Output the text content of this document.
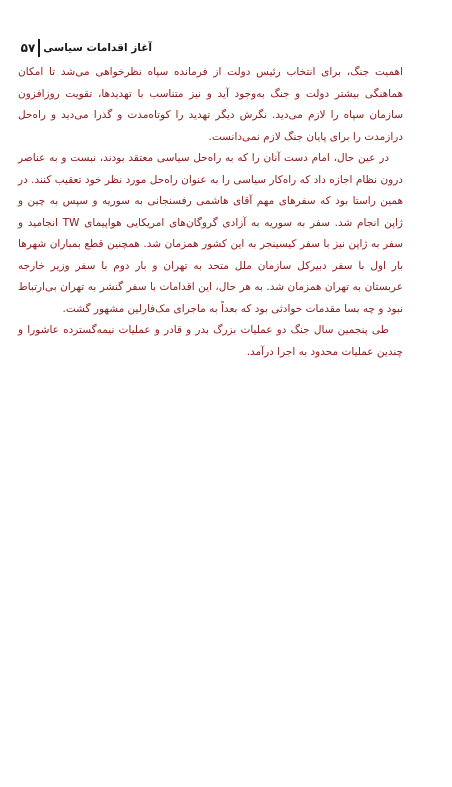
۵۷ آغاز اقدامات سیاسی

اهمیت جنگ، برای انتخاب رئیس دولت از فرمانده سپاه نظرخواهی می‌شد تا امکان هماهنگی بیشتر دولت و جنگ به‌وجود آید و نیز متناسب با تهدیدها، تقویت روزافزون سازمان سپاه را لازم می‌دید. نگرش دیگر تهدید را کوتاه‌مدت و گذرا می‌دید و راه‌حل درازمدت را برای پایان جنگ لازم نمی‌دانست.

در عین حال، امام دست آنان را که به راه‌حل سیاسی معتقد بودند، نبست و به عناصر درون نظام اجازه داد که راه‌کار سیاسی را به عنوان راه‌حل مورد نظر خود تعقیب کنند. در همین راستا بود که سفرهای مهم آقای هاشمی رفسنجانی به سوریه و سپس به چین و ژاپن انجام شد. سفر به سوریه به آزادی گروگان‌های امریکایی هواپیمای TW انجامید و سفر به ژاپن نیز با سفر کیسینجر به این کشور همزمان شد. همچنین قطع بمباران شهرها بار اول با سفر دبیرکل سازمان ملل متحد به تهران و بار دوم با سفر وزیر خارجه عربستان به تهران همزمان شد. به هر حال، این اقدامات با سفر گنشر به تهران بی‌ارتباط نبود و چه بسا مقدمات حوادثی بود که بعداً به ماجرای مک‌فارلین مشهور گشت.

طی پنجمین سال جنگ دو عملیات بزرگ بدر و قادر و عملیات نیمه‌گسترده عاشورا و چندین عملیات محدود به اجرا درآمد.
